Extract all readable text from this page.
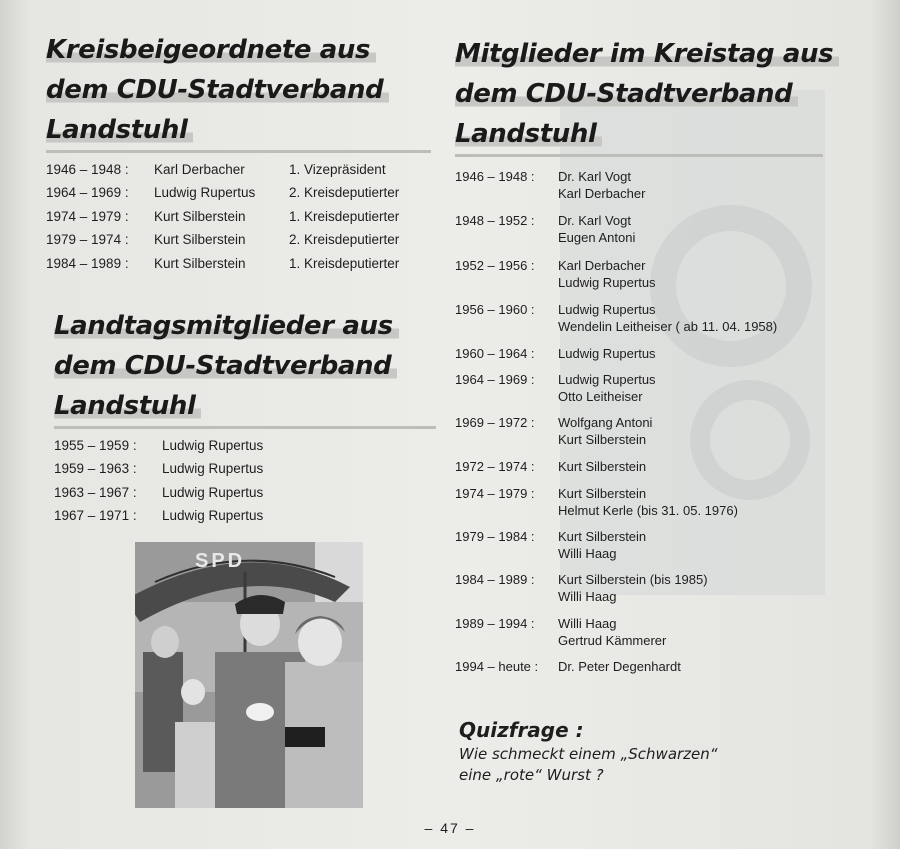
Kreisbeigeordnete aus
dem CDU-Stadtverband
Landstuhl
1946 – 1948 :	Karl Derbacher	1. Vizepräsident
1964 – 1969 :	Ludwig Rupertus	2. Kreisdeputierter
1974 – 1979 :	Kurt Silberstein	1. Kreisdeputierter
1979 – 1974 :	Kurt Silberstein	2. Kreisdeputierter
1984 – 1989 :	Kurt Silberstein	1. Kreisdeputierter
Landtagsmitglieder aus
dem CDU-Stadtverband
Landstuhl
1955 – 1959 :	Ludwig Rupertus
1959 – 1963 :	Ludwig Rupertus
1963 – 1967 :	Ludwig Rupertus
1967 – 1971 :	Ludwig Rupertus
SPD
Mitglieder im Kreistag aus
dem CDU-Stadtverband
Landstuhl
1946 – 1948 :	Dr. Karl Vogt
Karl Derbacher
1948 – 1952 :	Dr. Karl Vogt
Eugen Antoni
1952 – 1956 :	Karl Derbacher
Ludwig Rupertus
1956 – 1960 :	Ludwig Rupertus
Wendelin Leitheiser ( ab 11. 04. 1958)
1960 – 1964 :	Ludwig Rupertus
1964 – 1969 :	Ludwig Rupertus
Otto Leitheiser
1969 – 1972 :	Wolfgang Antoni
Kurt Silberstein
1972 – 1974 :	Kurt Silberstein
1974 – 1979 :	Kurt Silberstein
Helmut Kerle (bis 31. 05. 1976)
1979 – 1984 :	Kurt Silberstein
Willi Haag
1984 – 1989 :	Kurt Silberstein (bis 1985)
Willi Haag
1989 – 1994 :	Willi Haag
Gertrud Kämmerer
1994 – heute :	Dr. Peter Degenhardt
Quizfrage :
Wie schmeckt einem „Schwarzen“
eine „rote“ Wurst ?
– 47 –
